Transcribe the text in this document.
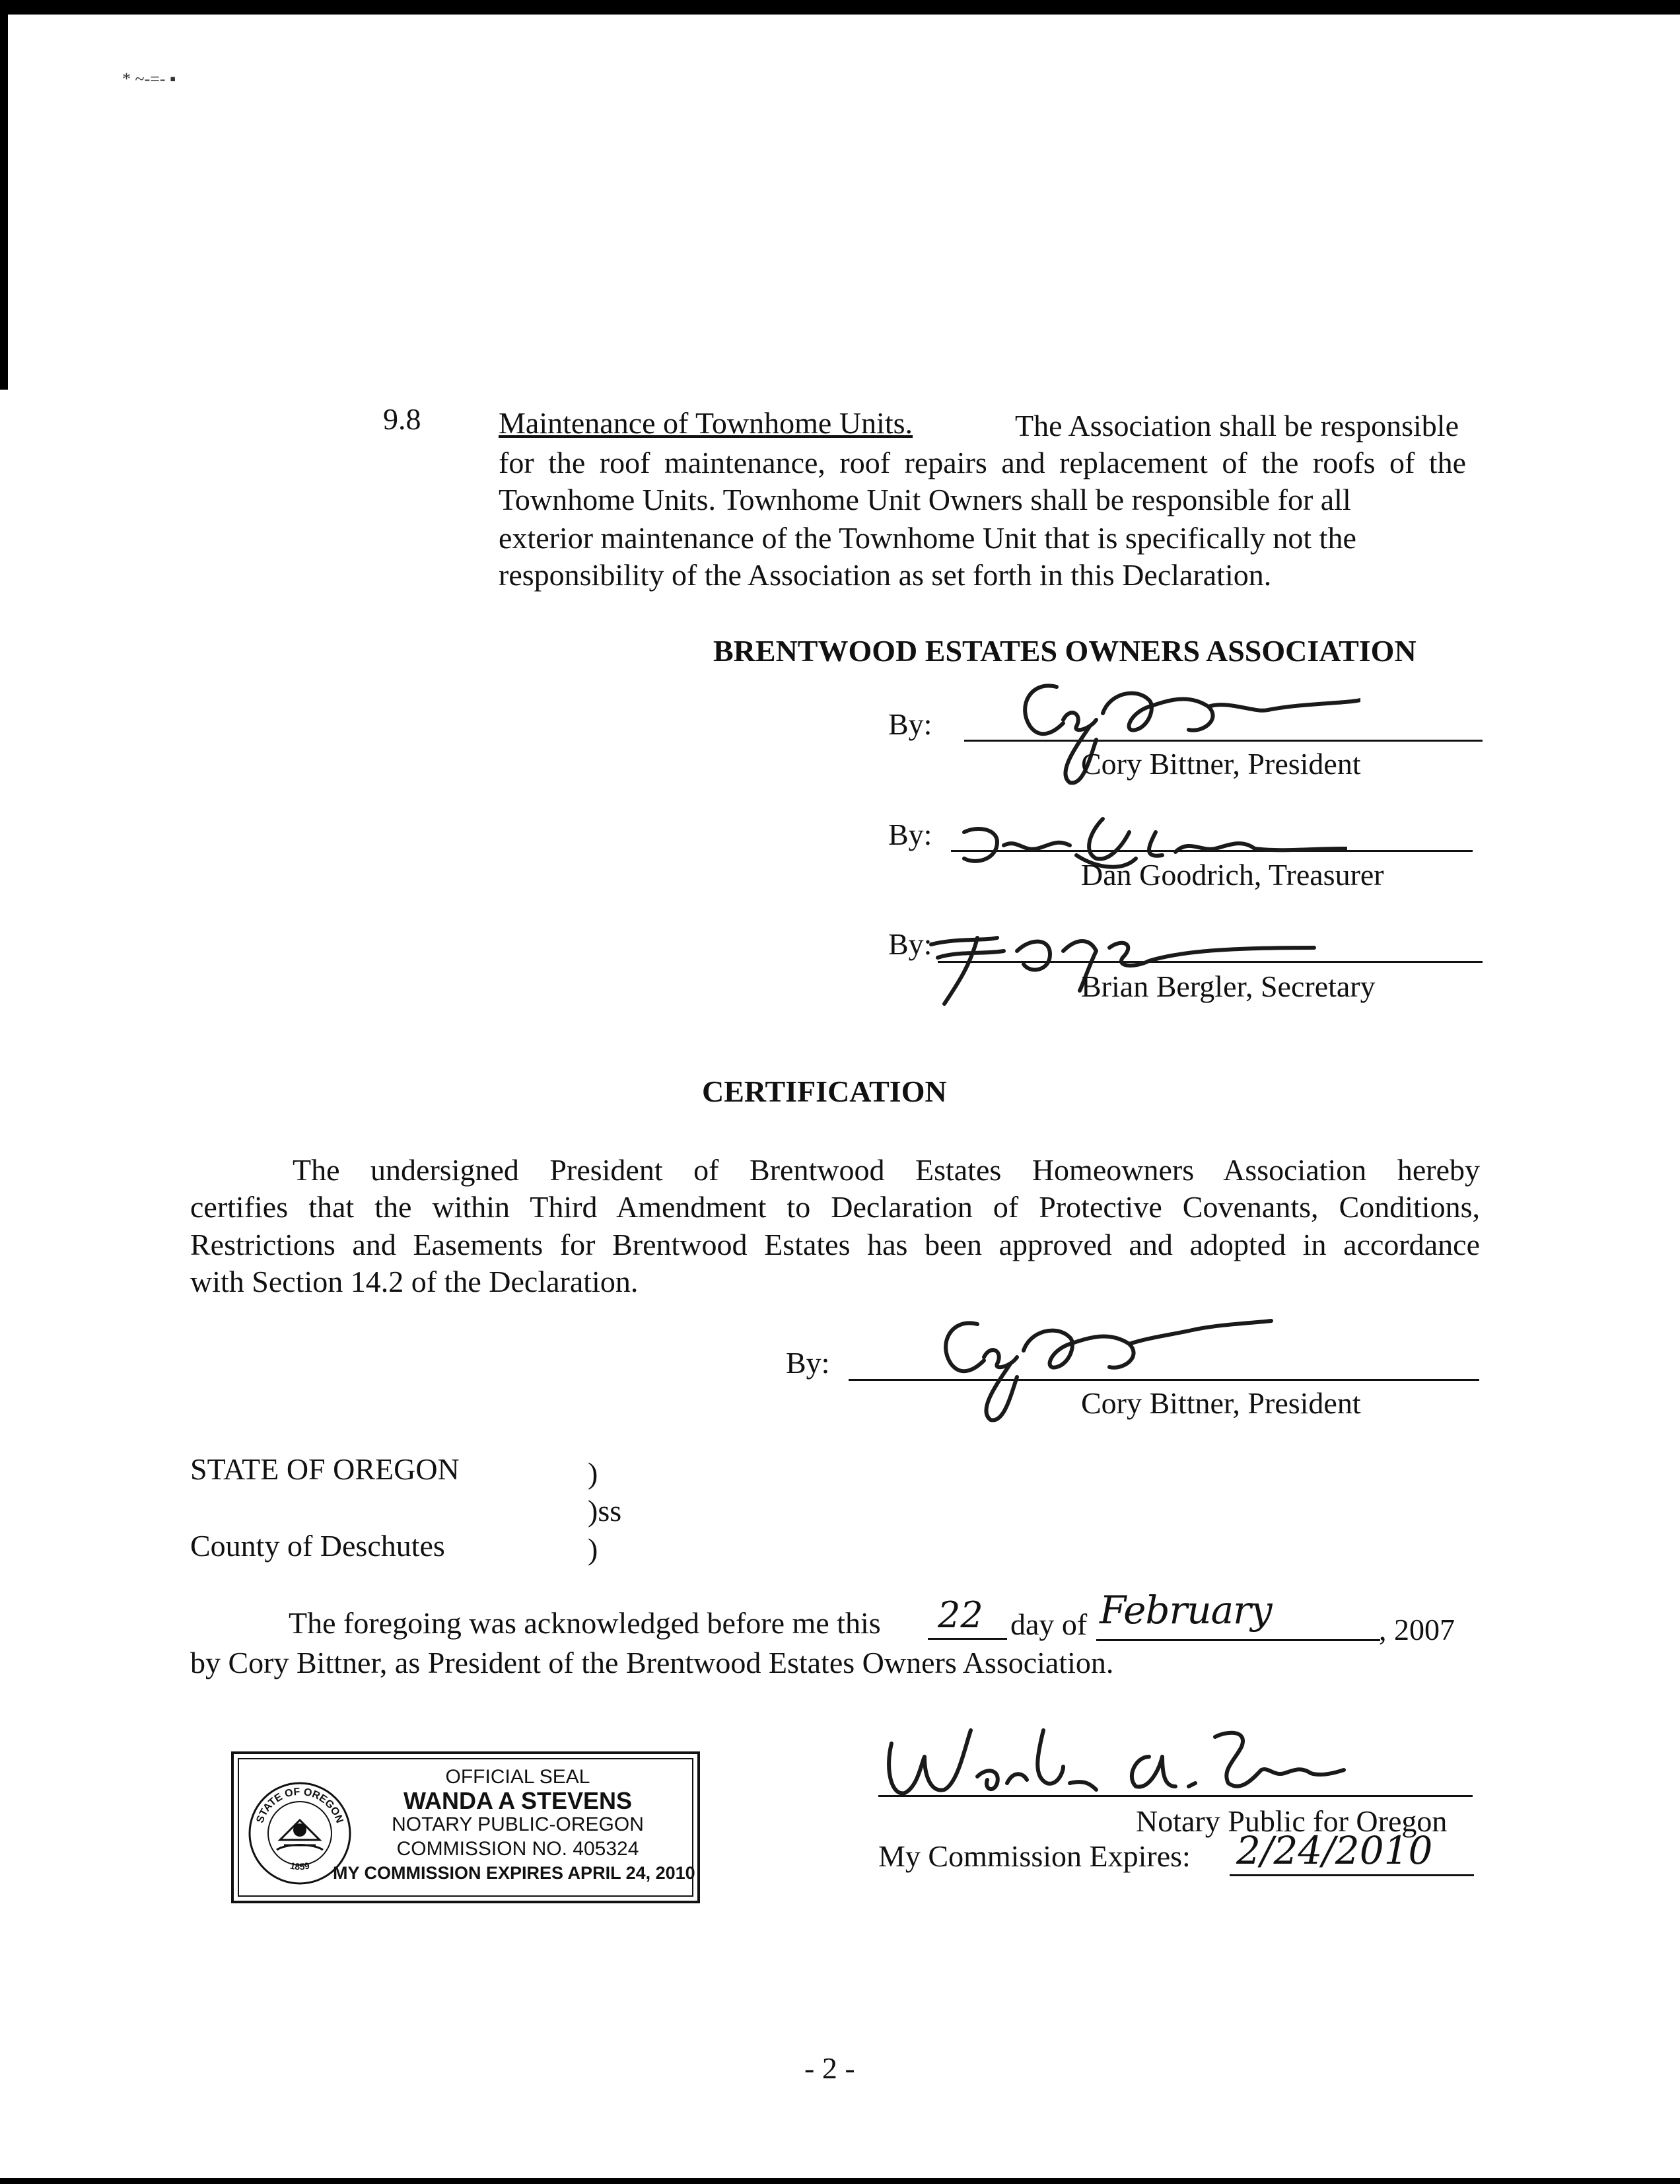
* ~-=- ▪
9.8	Maintenance of Townhome Units.	The Association shall be responsible
for the roof maintenance, roof repairs and replacement of the roofs of the
Townhome Units. Townhome Unit Owners shall be responsible for all
exterior maintenance of the Townhome Unit that is specifically not the
responsibility of the Association as set forth in this Declaration.
BRENTWOOD ESTATES OWNERS ASSOCIATION
By:
Cory Bittner, President
By:
Dan Goodrich, Treasurer
By:
Brian Bergler, Secretary
CERTIFICATION
The undersigned President of Brentwood Estates Homeowners Association hereby
certifies that the within Third Amendment to Declaration of Protective Covenants, Conditions,
Restrictions and Easements for Brentwood Estates has been approved and adopted in accordance
with Section 14.2 of the Declaration.
By:
Cory Bittner, President
STATE OF OREGON	)
)ss
County of Deschutes	)
The foregoing was acknowledged before me this 22 day of February	, 2007
by Cory Bittner, as President of the Brentwood Estates Owners Association.
STATE OF OREGON
1859
OFFICIAL SEAL
WANDA A STEVENS
NOTARY PUBLIC-OREGON
COMMISSION NO. 405324
MY COMMISSION EXPIRES APRIL 24, 2010
Notary Public for Oregon
My Commission Expires: 2/24/2010
- 2 -
